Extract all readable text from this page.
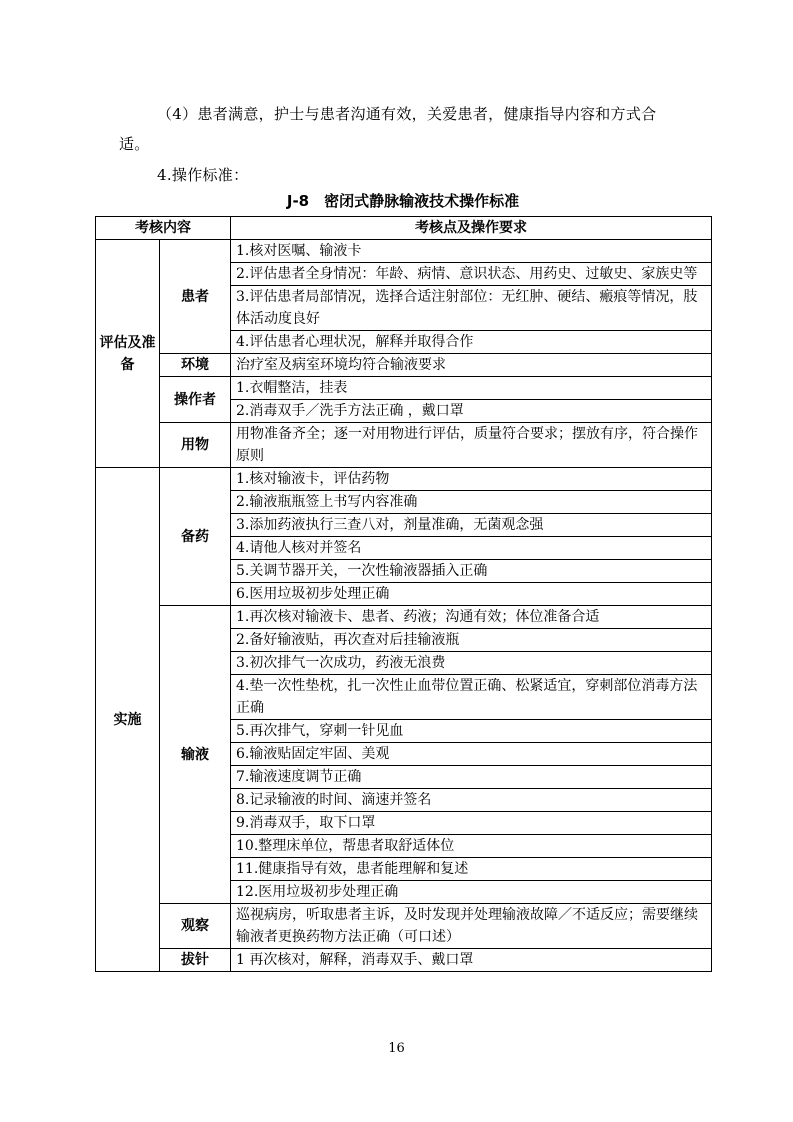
（4）患者满意，护士与患者沟通有效，关爱患者，健康指导内容和方式合适。
4.操作标准：
J-8　密闭式静脉输液技术操作标准
考核内容		考核点及操作要求
评估及准备	患者	1.核对医嘱、输液卡
		2.评估患者全身情况：年龄、病情、意识状态、用药史、过敏史、家族史等
		3.评估患者局部情况，选择合适注射部位：无红肿、硬结、瘢痕等情况，肢体活动度良好
		4.评估患者心理状况，解释并取得合作
	环境	治疗室及病室环境均符合输液要求
	操作者	1.衣帽整洁，挂表
		2.消毒双手／洗手方法正确 ，戴口罩
	用物	用物准备齐全；逐一对用物进行评估，质量符合要求；摆放有序，符合操作原则
实施	备药	1.核对输液卡，评估药物
		2.输液瓶瓶签上书写内容准确
		3.添加药液执行三查八对，剂量准确，无菌观念强
		4.请他人核对并签名
		5.关调节器开关，一次性输液器插入正确
		6.医用垃圾初步处理正确
	输液	1.再次核对输液卡、患者、药液；沟通有效；体位准备合适
		2.备好输液贴，再次查对后挂输液瓶
		3.初次排气一次成功，药液无浪费
		4.垫一次性垫枕，扎一次性止血带位置正确、松紧适宜，穿刺部位消毒方法正确
		5.再次排气，穿刺一针见血
		6.输液贴固定牢固、美观
		7.输液速度调节正确
		8.记录输液的时间、滴速并签名
		9.消毒双手，取下口罩
		10.整理床单位，帮患者取舒适体位
		11.健康指导有效，患者能理解和复述
		12.医用垃圾初步处理正确
	观察	巡视病房，听取患者主诉，及时发现并处理输液故障／不适反应；需要继续输液者更换药物方法正确（可口述）
	拔针	1 再次核对，解释，消毒双手、戴口罩
16
